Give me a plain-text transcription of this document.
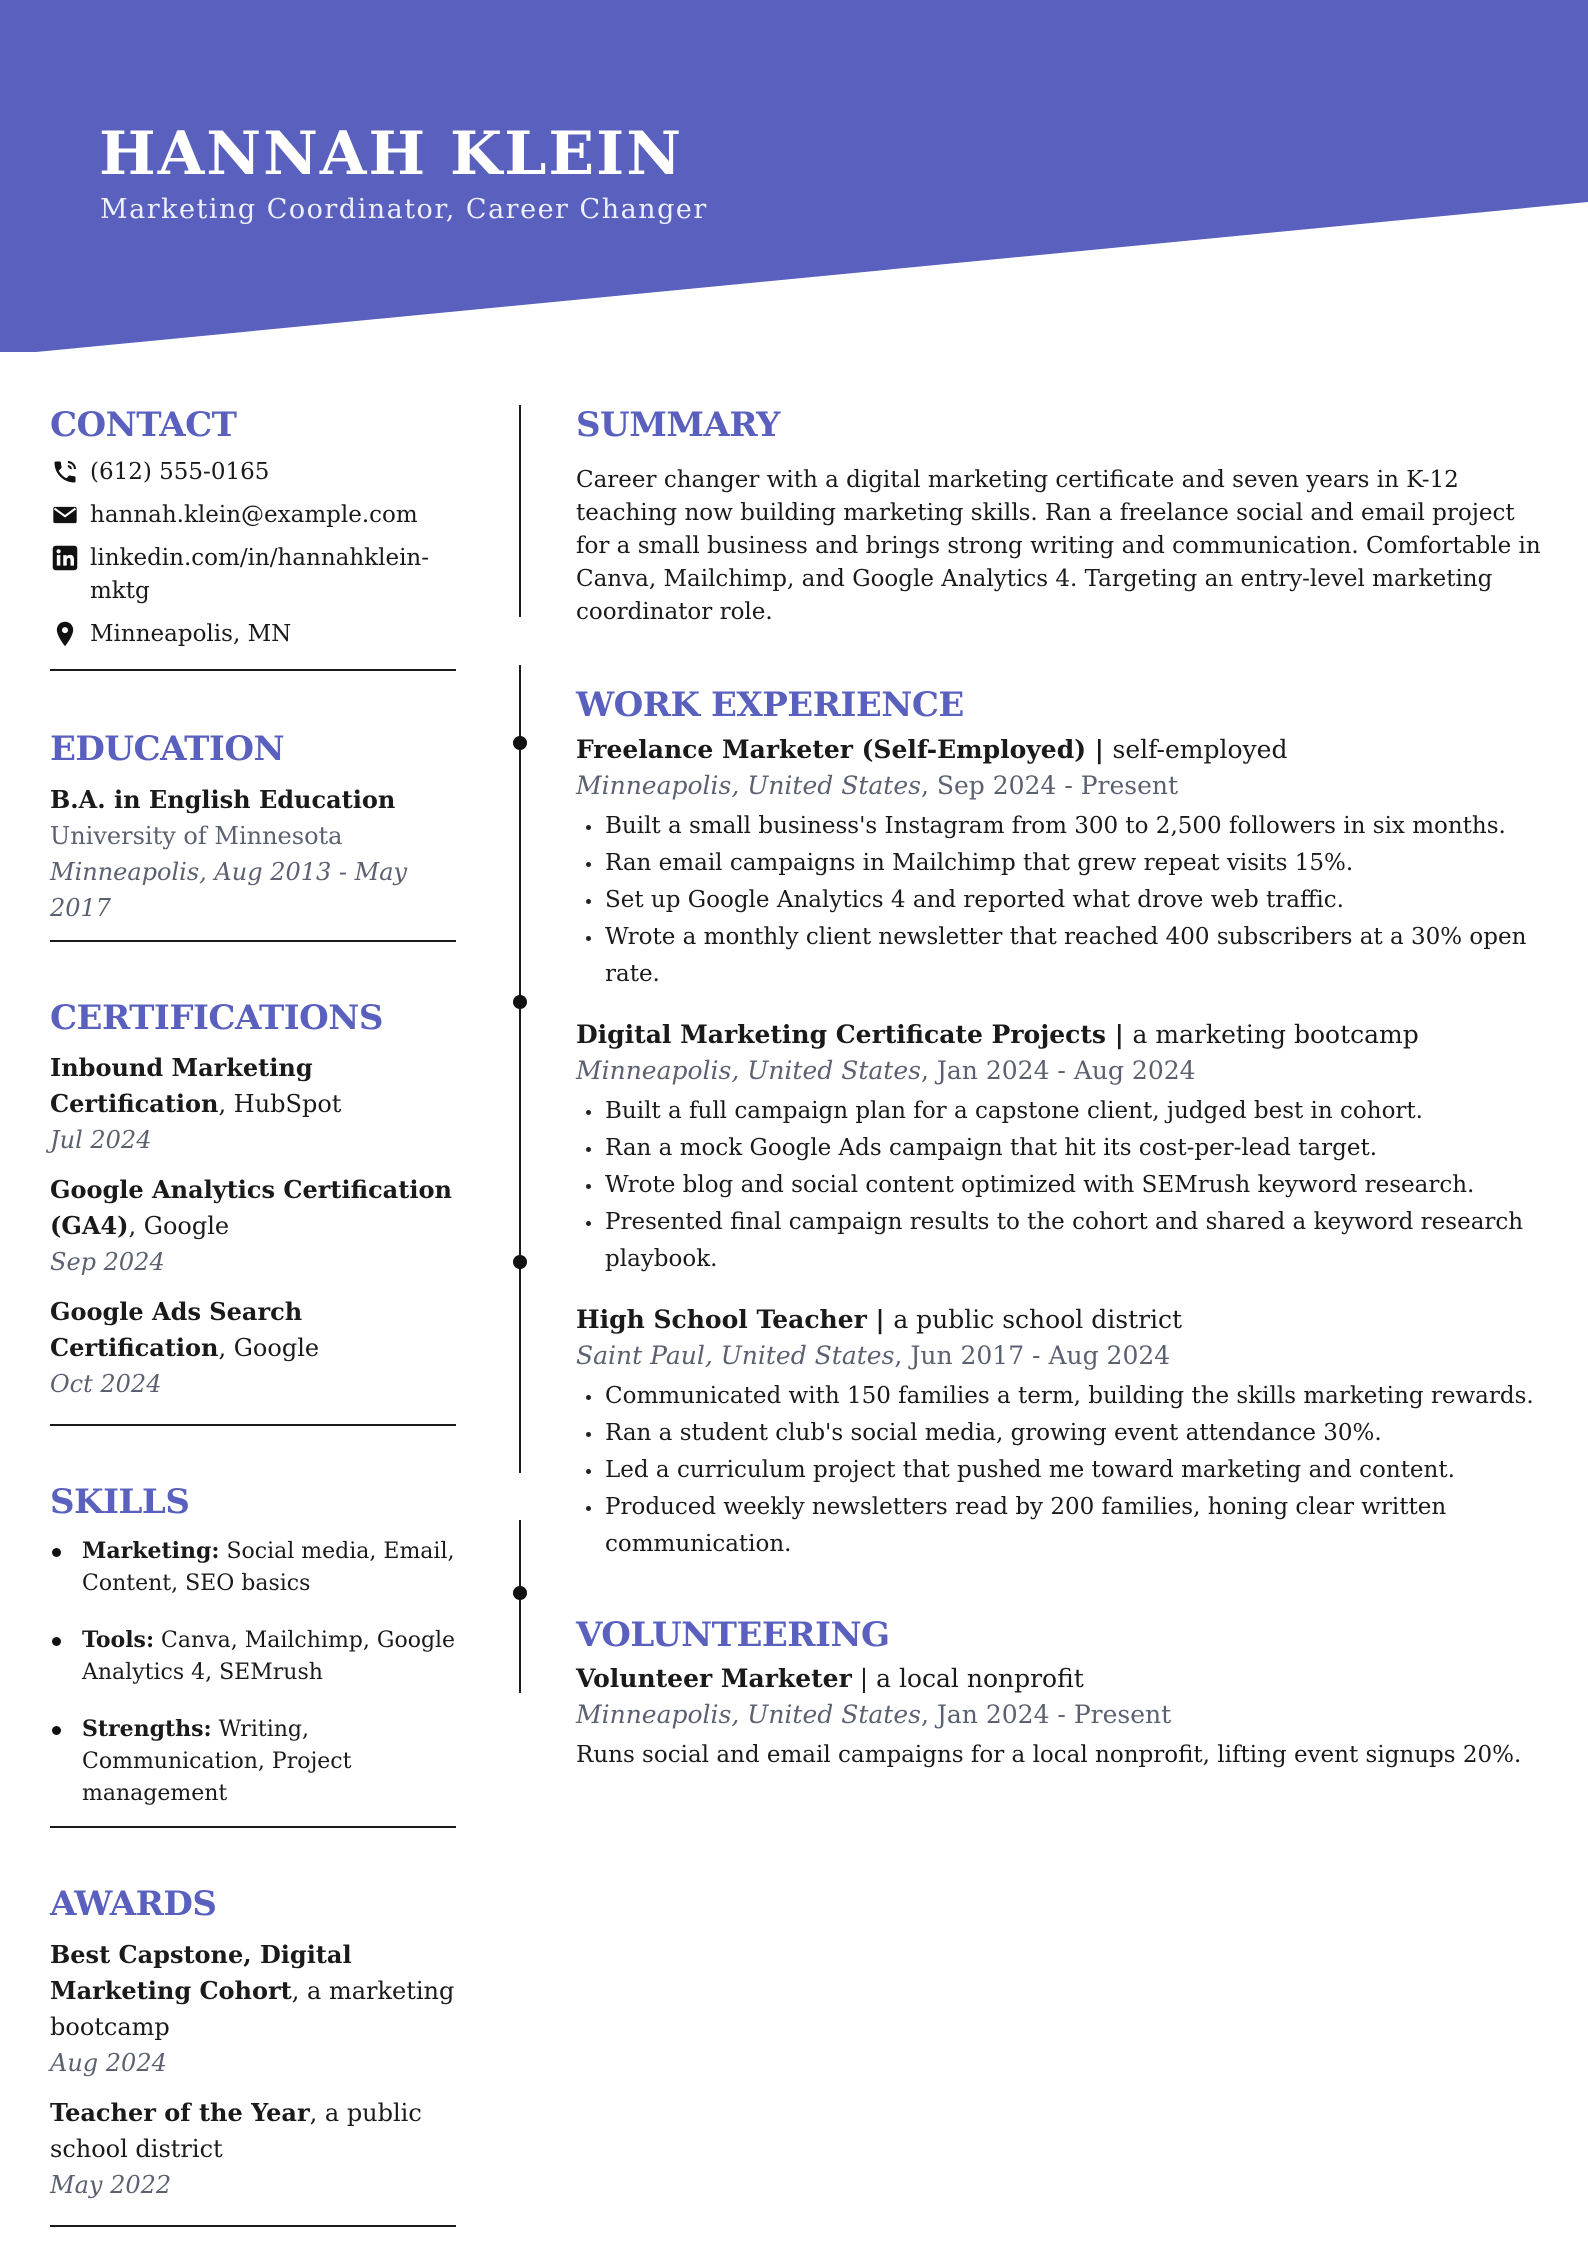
HANNAH KLEIN
Marketing Coordinator, Career Changer
CONTACT
(612) 555-0165
hannah.klein@example.com
linkedin.com/in/hannahklein-mktg
Minneapolis, MN
EDUCATION
B.A. in English Education
University of Minnesota
Minneapolis, Aug 2013 - May 2017
CERTIFICATIONS
Inbound Marketing Certification, HubSpot
Jul 2024
Google Analytics Certification (GA4), Google
Sep 2024
Google Ads Search Certification, Google
Oct 2024
SKILLS
Marketing: Social media, Email, Content, SEO basics
Tools: Canva, Mailchimp, Google Analytics 4, SEMrush
Strengths: Writing, Communication, Project management
AWARDS
Best Capstone, Digital Marketing Cohort, a marketing bootcamp
Aug 2024
Teacher of the Year, a public school district
May 2022
SUMMARY

Career changer with a digital marketing certificate and seven years in K-12 teaching now building marketing skills. Ran a freelance social and email project for a small business and brings strong writing and communication. Comfortable in Canva, Mailchimp, and Google Analytics 4. Targeting an entry-level marketing coordinator role.

WORK EXPERIENCE
Freelance Marketer (Self-Employed) | self-employed
Minneapolis, United States, Sep 2024 - Present
Built a small business's Instagram from 300 to 2,500 followers in six months.
Ran email campaigns in Mailchimp that grew repeat visits 15%.
Set up Google Analytics 4 and reported what drove web traffic.
Wrote a monthly client newsletter that reached 400 subscribers at a 30% open rate.
Digital Marketing Certificate Projects | a marketing bootcamp
Minneapolis, United States, Jan 2024 - Aug 2024
Built a full campaign plan for a capstone client, judged best in cohort.
Ran a mock Google Ads campaign that hit its cost-per-lead target.
Wrote blog and social content optimized with SEMrush keyword research.
Presented final campaign results to the cohort and shared a keyword research playbook.
High School Teacher | a public school district
Saint Paul, United States, Jun 2017 - Aug 2024
Communicated with 150 families a term, building the skills marketing rewards.
Ran a student club's social media, growing event attendance 30%.
Led a curriculum project that pushed me toward marketing and content.
Produced weekly newsletters read by 200 families, honing clear written communication.
VOLUNTEERING
Volunteer Marketer | a local nonprofit
Minneapolis, United States, Jan 2024 - Present
Runs social and email campaigns for a local nonprofit, lifting event signups 20%.
